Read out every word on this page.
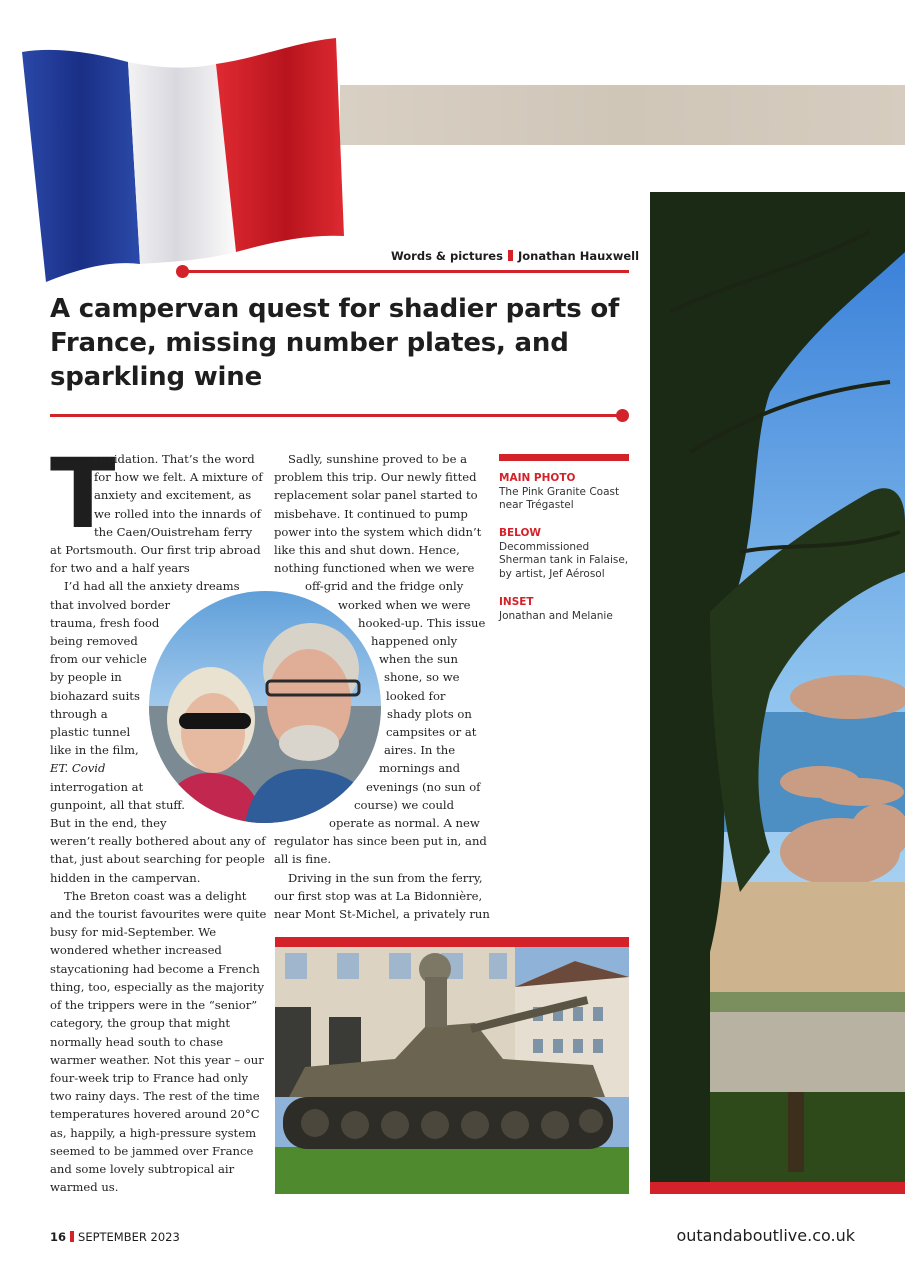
Words & pictures Jonathan Hauxwell
A campervan quest for shadier parts of France, missing number plates, and sparkling wine
T
repidation. That’s the word
for how we felt. A mixture of
anxiety and excitement, as
we rolled into the innards of
the Caen/Ouistreham ferry
at Portsmouth. Our first trip abroad
for two and a half years
I’d had all the anxiety dreams
that involved border
trauma, fresh food
being removed
from our vehicle
by people in
biohazard suits
through a
plastic tunnel
like in the film,
ET. Covid
interrogation at
gunpoint, all that stuff.
But in the end, they
weren’t really bothered about any of
that, just about searching for people
hidden in the campervan.
The Breton coast was a delight
and the tourist favourites were quite
busy for mid-September. We
wondered whether increased
staycationing had become a French
thing, too, especially as the majority
of the trippers were in the “senior”
category, the group that might
normally head south to chase
warmer weather. Not this year – our
four-week trip to France had only
two rainy days. The rest of the time
temperatures hovered around 20°C
as, happily, a high-pressure system
seemed to be jammed over France
and some lovely subtropical air
warmed us.
Sadly, sunshine proved to be a
problem this trip. Our newly fitted
replacement solar panel started to
misbehave. It continued to pump
power into the system which didn’t
like this and shut down. Hence,
nothing functioned when we were
off-grid and the fridge only
worked when we were
hooked-up. This issue
happened only
when the sun
shone, so we
looked for
shady plots on
campsites or at
aires. In the
mornings and
evenings (no sun of
course) we could
operate as normal. A new
regulator has since been put in, and
all is fine.
Driving in the sun from the ferry,
our first stop was at La Bidonnière,
near Mont St-Michel, a privately run
MAIN PHOTO
The Pink Granite Coast near Trégastel
BELOW
Decommissioned Sherman tank in Falaise, by artist, Jef Aérosol
INSET
Jonathan and Melanie
16 SEPTEMBER 2023	outandaboutlive.co.uk
